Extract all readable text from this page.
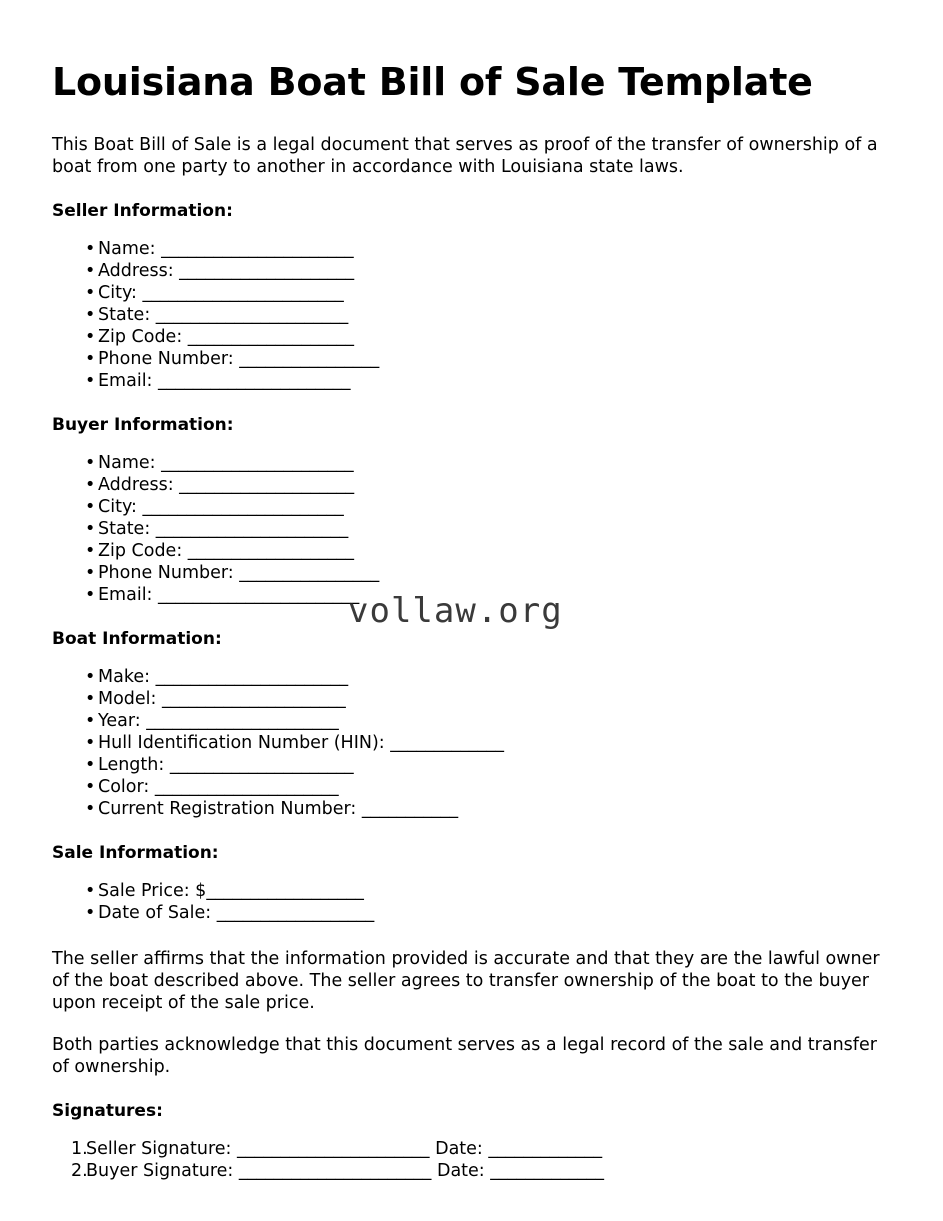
Louisiana Boat Bill of Sale Template

This Boat Bill of Sale is a legal document that serves as proof of the transfer of ownership of a boat from one party to another in accordance with Louisiana state laws.

Seller Information:
• Name: ______________________
• Address: ____________________
• City: _______________________
• State: ______________________
• Zip Code: ___________________
• Phone Number: ________________
• Email: ______________________
Buyer Information:
• Name: ______________________
• Address: ____________________
• City: _______________________
• State: ______________________
• Zip Code: ___________________
• Phone Number: ________________
• Email: _______________________
Boat Information:
• Make: ______________________
• Model: _____________________
• Year: ______________________
• Hull Identification Number (HIN): _____________
• Length: _____________________
• Color: _____________________
• Current Registration Number: ___________
Sale Information:
• Sale Price: $__________________
• Date of Sale: __________________

The seller affirms that the information provided is accurate and that they are the lawful owner of the boat described above. The seller agrees to transfer ownership of the boat to the buyer upon receipt of the sale price.

Both parties acknowledge that this document serves as a legal record of the sale and transfer of ownership.

Signatures:
Seller Signature: ______________________ Date: _____________
Buyer Signature: ______________________ Date: _____________
vollaw.org
